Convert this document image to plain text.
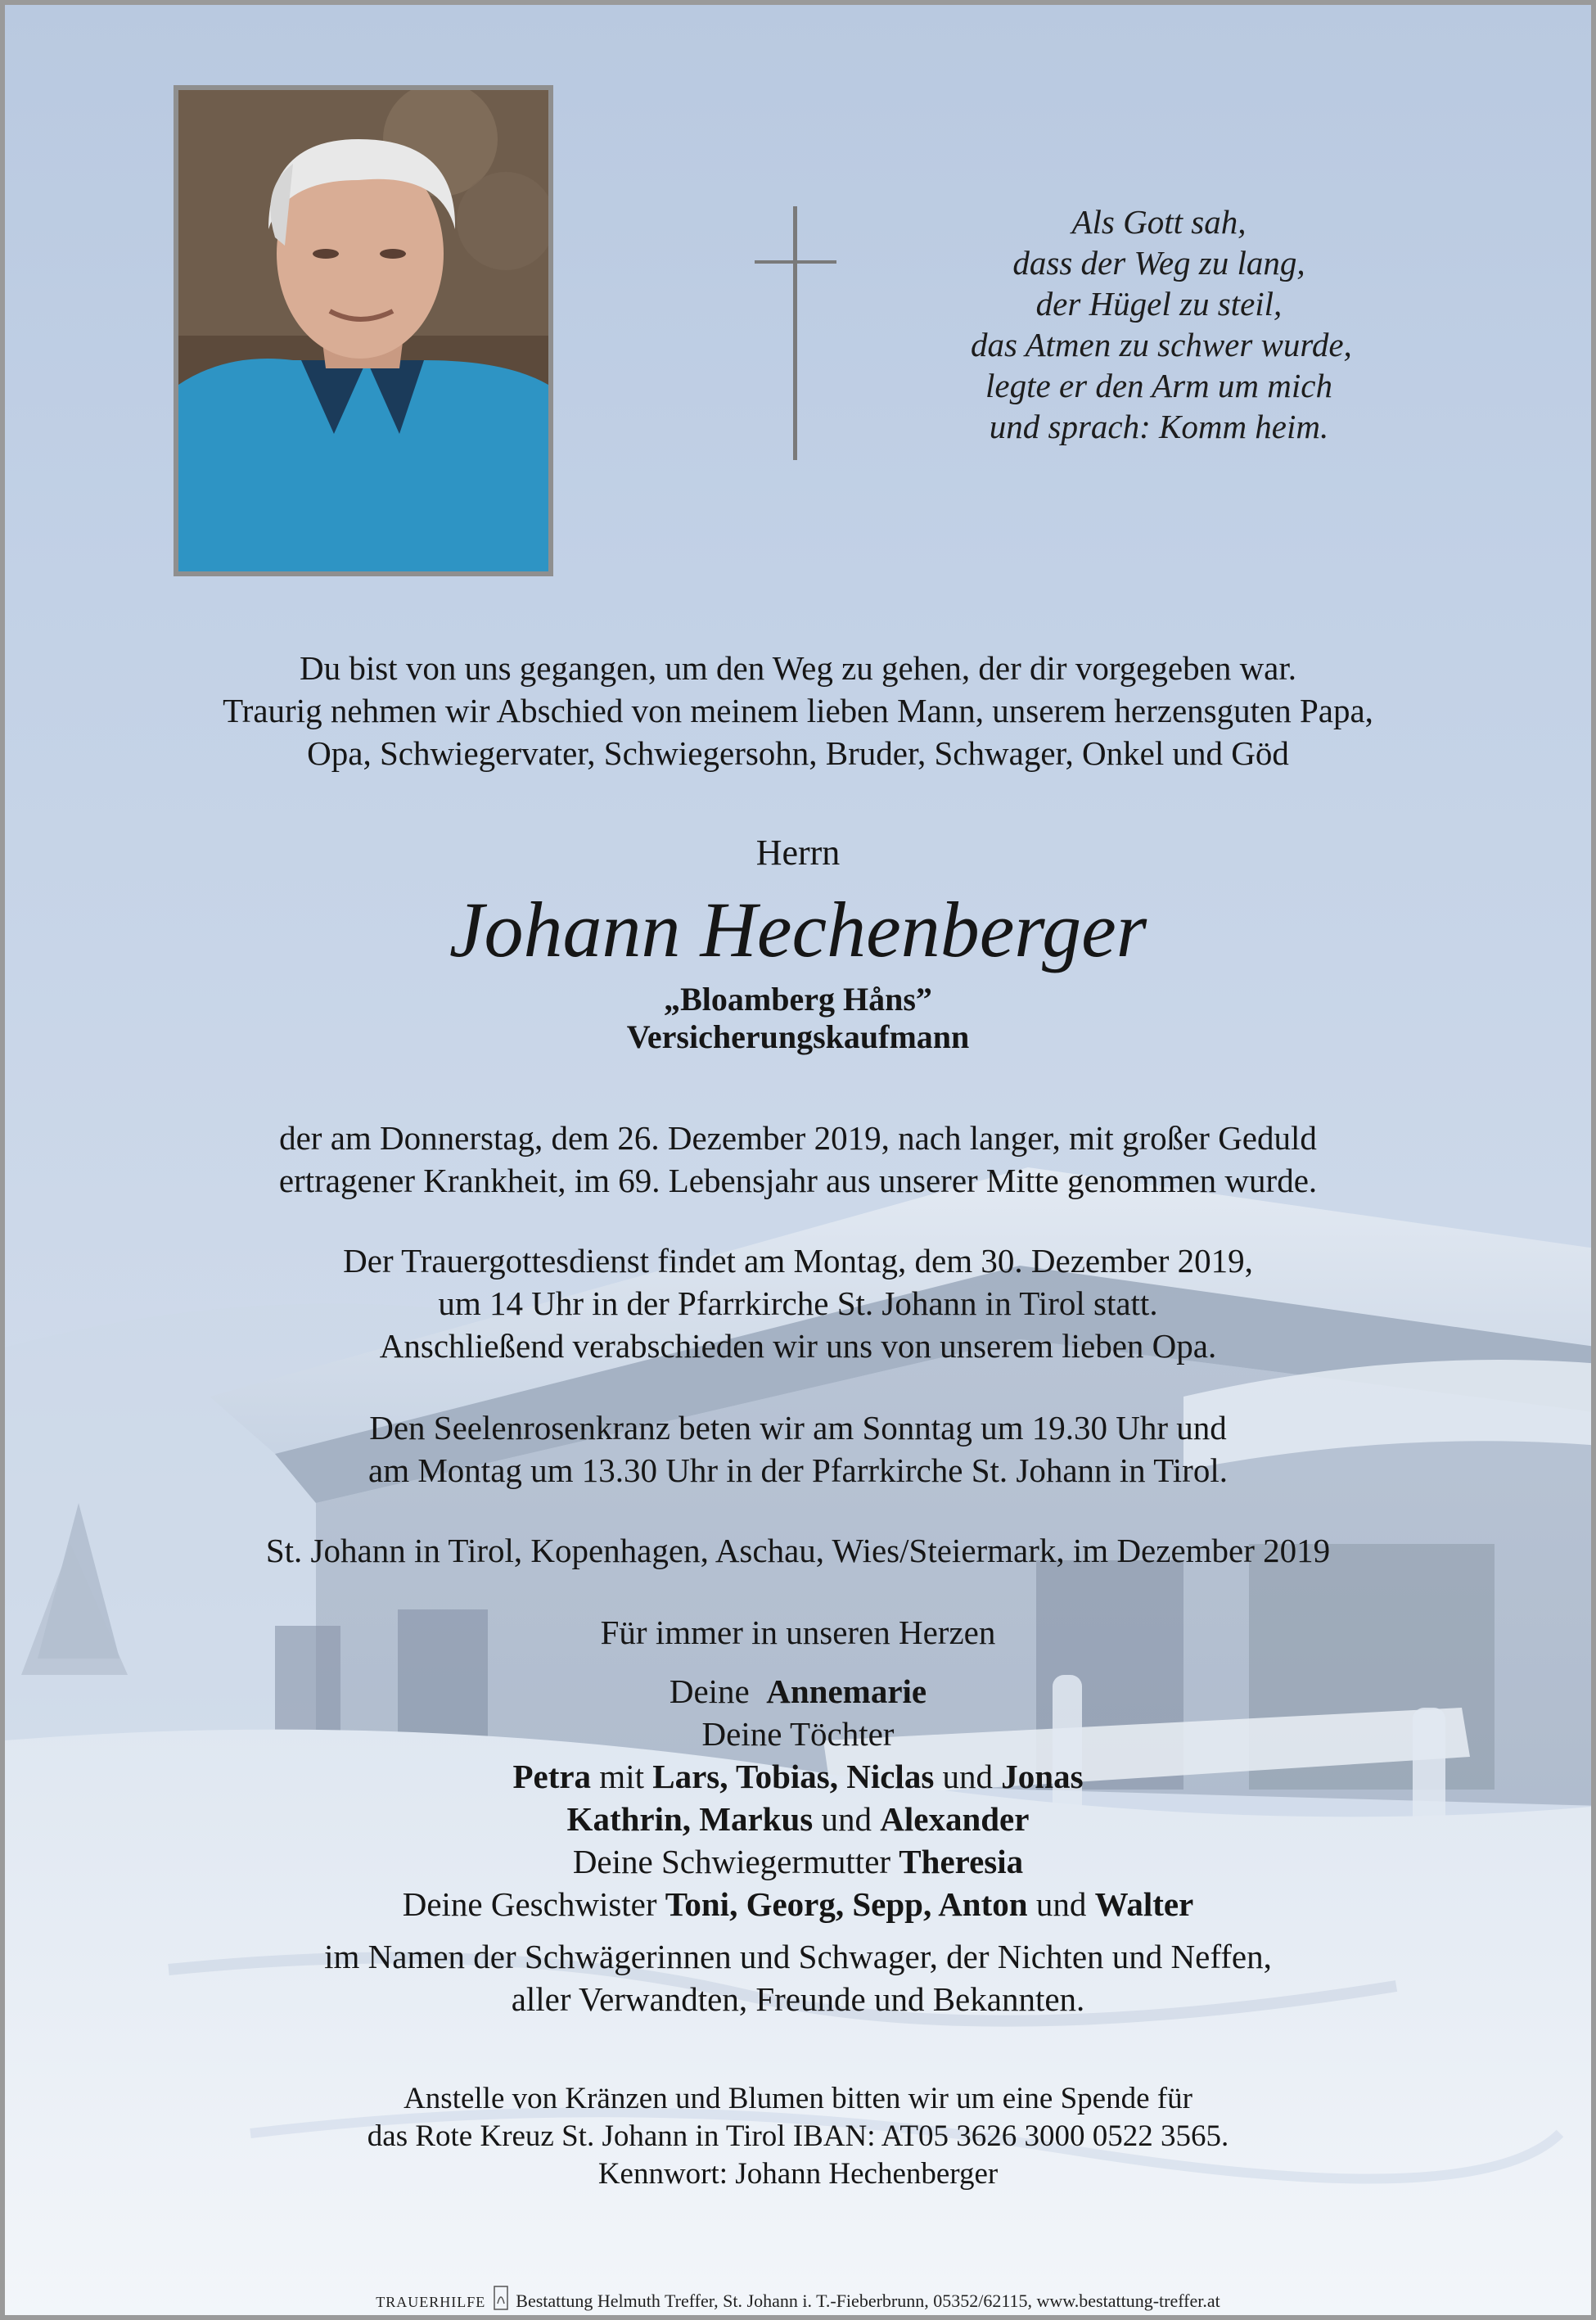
Als Gott sah,
dass der Weg zu lang,
der Hügel zu steil,
das Atmen zu schwer wurde,
legte er den Arm um mich
und sprach: Komm heim.
Du bist von uns gegangen, um den Weg zu gehen, der dir vorgegeben war.
Traurig nehmen wir Abschied von meinem lieben Mann, unserem herzensguten Papa,
Opa, Schwiegervater, Schwiegersohn, Bruder, Schwager, Onkel und Göd
Herrn
Johann Hechenberger
„Bloamberg Håns”
Versicherungskaufmann
der am Donnerstag, dem 26. Dezember 2019, nach langer, mit großer Geduld
ertragener Krankheit, im 69. Lebensjahr aus unserer Mitte genommen wurde.
Der Trauergottesdienst findet am Montag, dem 30. Dezember 2019,
um 14 Uhr in der Pfarrkirche St. Johann in Tirol statt.
Anschließend verabschieden wir uns von unserem lieben Opa.
Den Seelenrosenkranz beten wir am Sonntag um 19.30 Uhr und
am Montag um 13.30 Uhr in der Pfarrkirche St. Johann in Tirol.
St. Johann in Tirol, Kopenhagen, Aschau, Wies/Steiermark, im Dezember 2019
Für immer in unseren Herzen
Deine Annemarie
Deine Töchter
Petra mit Lars, Tobias, Niclas und Jonas
Kathrin, Markus und Alexander
Deine Schwiegermutter Theresia
Deine Geschwister Toni, Georg, Sepp, Anton und Walter
im Namen der Schwägerinnen und Schwager, der Nichten und Neffen,
aller Verwandten, Freunde und Bekannten.
Anstelle von Kränzen und Blumen bitten wir um eine Spende für
das Rote Kreuz St. Johann in Tirol IBAN: AT05 3626 3000 0522 3565.
Kennwort: Johann Hechenberger
TRAUERHILFE Bestattung Helmuth Treffer, St. Johann i. T.-Fieberbrunn, 05352/62115, www.bestattung-treffer.at
